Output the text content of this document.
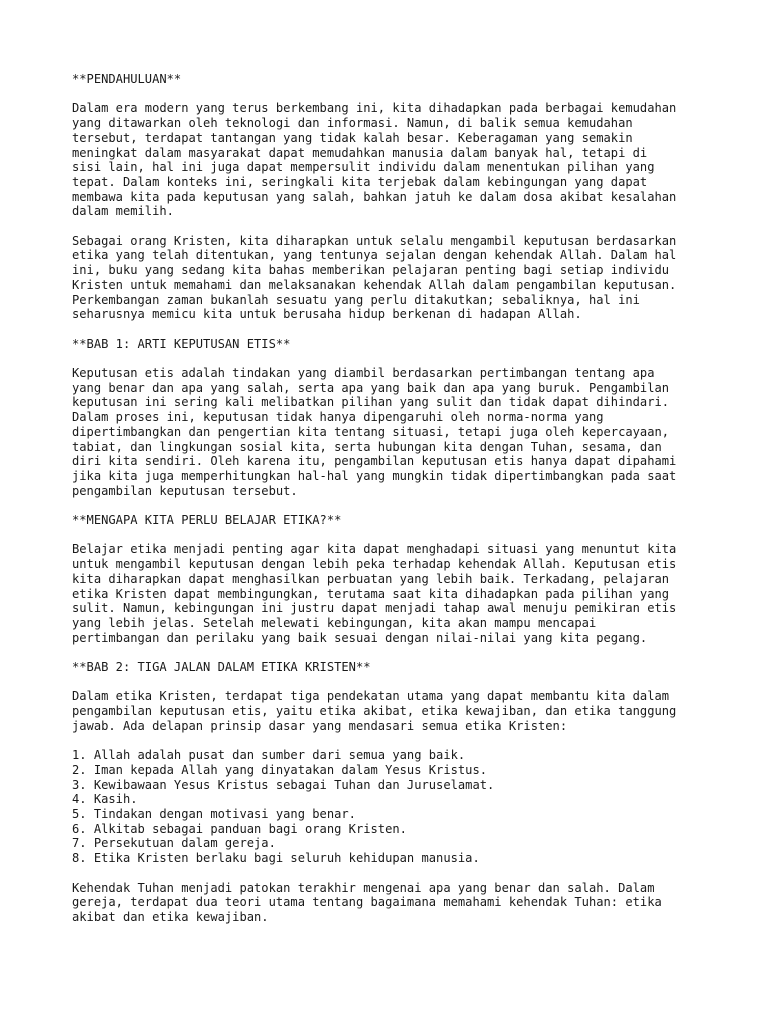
**PENDAHULUAN**
Dalam era modern yang terus berkembang ini, kita dihadapkan pada berbagai kemudahan
yang ditawarkan oleh teknologi dan informasi. Namun, di balik semua kemudahan
tersebut, terdapat tantangan yang tidak kalah besar. Keberagaman yang semakin
meningkat dalam masyarakat dapat memudahkan manusia dalam banyak hal, tetapi di
sisi lain, hal ini juga dapat mempersulit individu dalam menentukan pilihan yang
tepat. Dalam konteks ini, seringkali kita terjebak dalam kebingungan yang dapat
membawa kita pada keputusan yang salah, bahkan jatuh ke dalam dosa akibat kesalahan
dalam memilih.
Sebagai orang Kristen, kita diharapkan untuk selalu mengambil keputusan berdasarkan
etika yang telah ditentukan, yang tentunya sejalan dengan kehendak Allah. Dalam hal
ini, buku yang sedang kita bahas memberikan pelajaran penting bagi setiap individu
Kristen untuk memahami dan melaksanakan kehendak Allah dalam pengambilan keputusan.
Perkembangan zaman bukanlah sesuatu yang perlu ditakutkan; sebaliknya, hal ini
seharusnya memicu kita untuk berusaha hidup berkenan di hadapan Allah.
**BAB 1: ARTI KEPUTUSAN ETIS**
Keputusan etis adalah tindakan yang diambil berdasarkan pertimbangan tentang apa
yang benar dan apa yang salah, serta apa yang baik dan apa yang buruk. Pengambilan
keputusan ini sering kali melibatkan pilihan yang sulit dan tidak dapat dihindari.
Dalam proses ini, keputusan tidak hanya dipengaruhi oleh norma-norma yang
dipertimbangkan dan pengertian kita tentang situasi, tetapi juga oleh kepercayaan,
tabiat, dan lingkungan sosial kita, serta hubungan kita dengan Tuhan, sesama, dan
diri kita sendiri. Oleh karena itu, pengambilan keputusan etis hanya dapat dipahami
jika kita juga memperhitungkan hal-hal yang mungkin tidak dipertimbangkan pada saat
pengambilan keputusan tersebut.
**MENGAPA KITA PERLU BELAJAR ETIKA?**
Belajar etika menjadi penting agar kita dapat menghadapi situasi yang menuntut kita
untuk mengambil keputusan dengan lebih peka terhadap kehendak Allah. Keputusan etis
kita diharapkan dapat menghasilkan perbuatan yang lebih baik. Terkadang, pelajaran
etika Kristen dapat membingungkan, terutama saat kita dihadapkan pada pilihan yang
sulit. Namun, kebingungan ini justru dapat menjadi tahap awal menuju pemikiran etis
yang lebih jelas. Setelah melewati kebingungan, kita akan mampu mencapai
pertimbangan dan perilaku yang baik sesuai dengan nilai-nilai yang kita pegang.
**BAB 2: TIGA JALAN DALAM ETIKA KRISTEN**
Dalam etika Kristen, terdapat tiga pendekatan utama yang dapat membantu kita dalam
pengambilan keputusan etis, yaitu etika akibat, etika kewajiban, dan etika tanggung
jawab. Ada delapan prinsip dasar yang mendasari semua etika Kristen:
1. Allah adalah pusat dan sumber dari semua yang baik.
2. Iman kepada Allah yang dinyatakan dalam Yesus Kristus.
3. Kewibawaan Yesus Kristus sebagai Tuhan dan Juruselamat.
4. Kasih.
5. Tindakan dengan motivasi yang benar.
6. Alkitab sebagai panduan bagi orang Kristen.
7. Persekutuan dalam gereja.
8. Etika Kristen berlaku bagi seluruh kehidupan manusia.
Kehendak Tuhan menjadi patokan terakhir mengenai apa yang benar dan salah. Dalam
gereja, terdapat dua teori utama tentang bagaimana memahami kehendak Tuhan: etika
akibat dan etika kewajiban.
